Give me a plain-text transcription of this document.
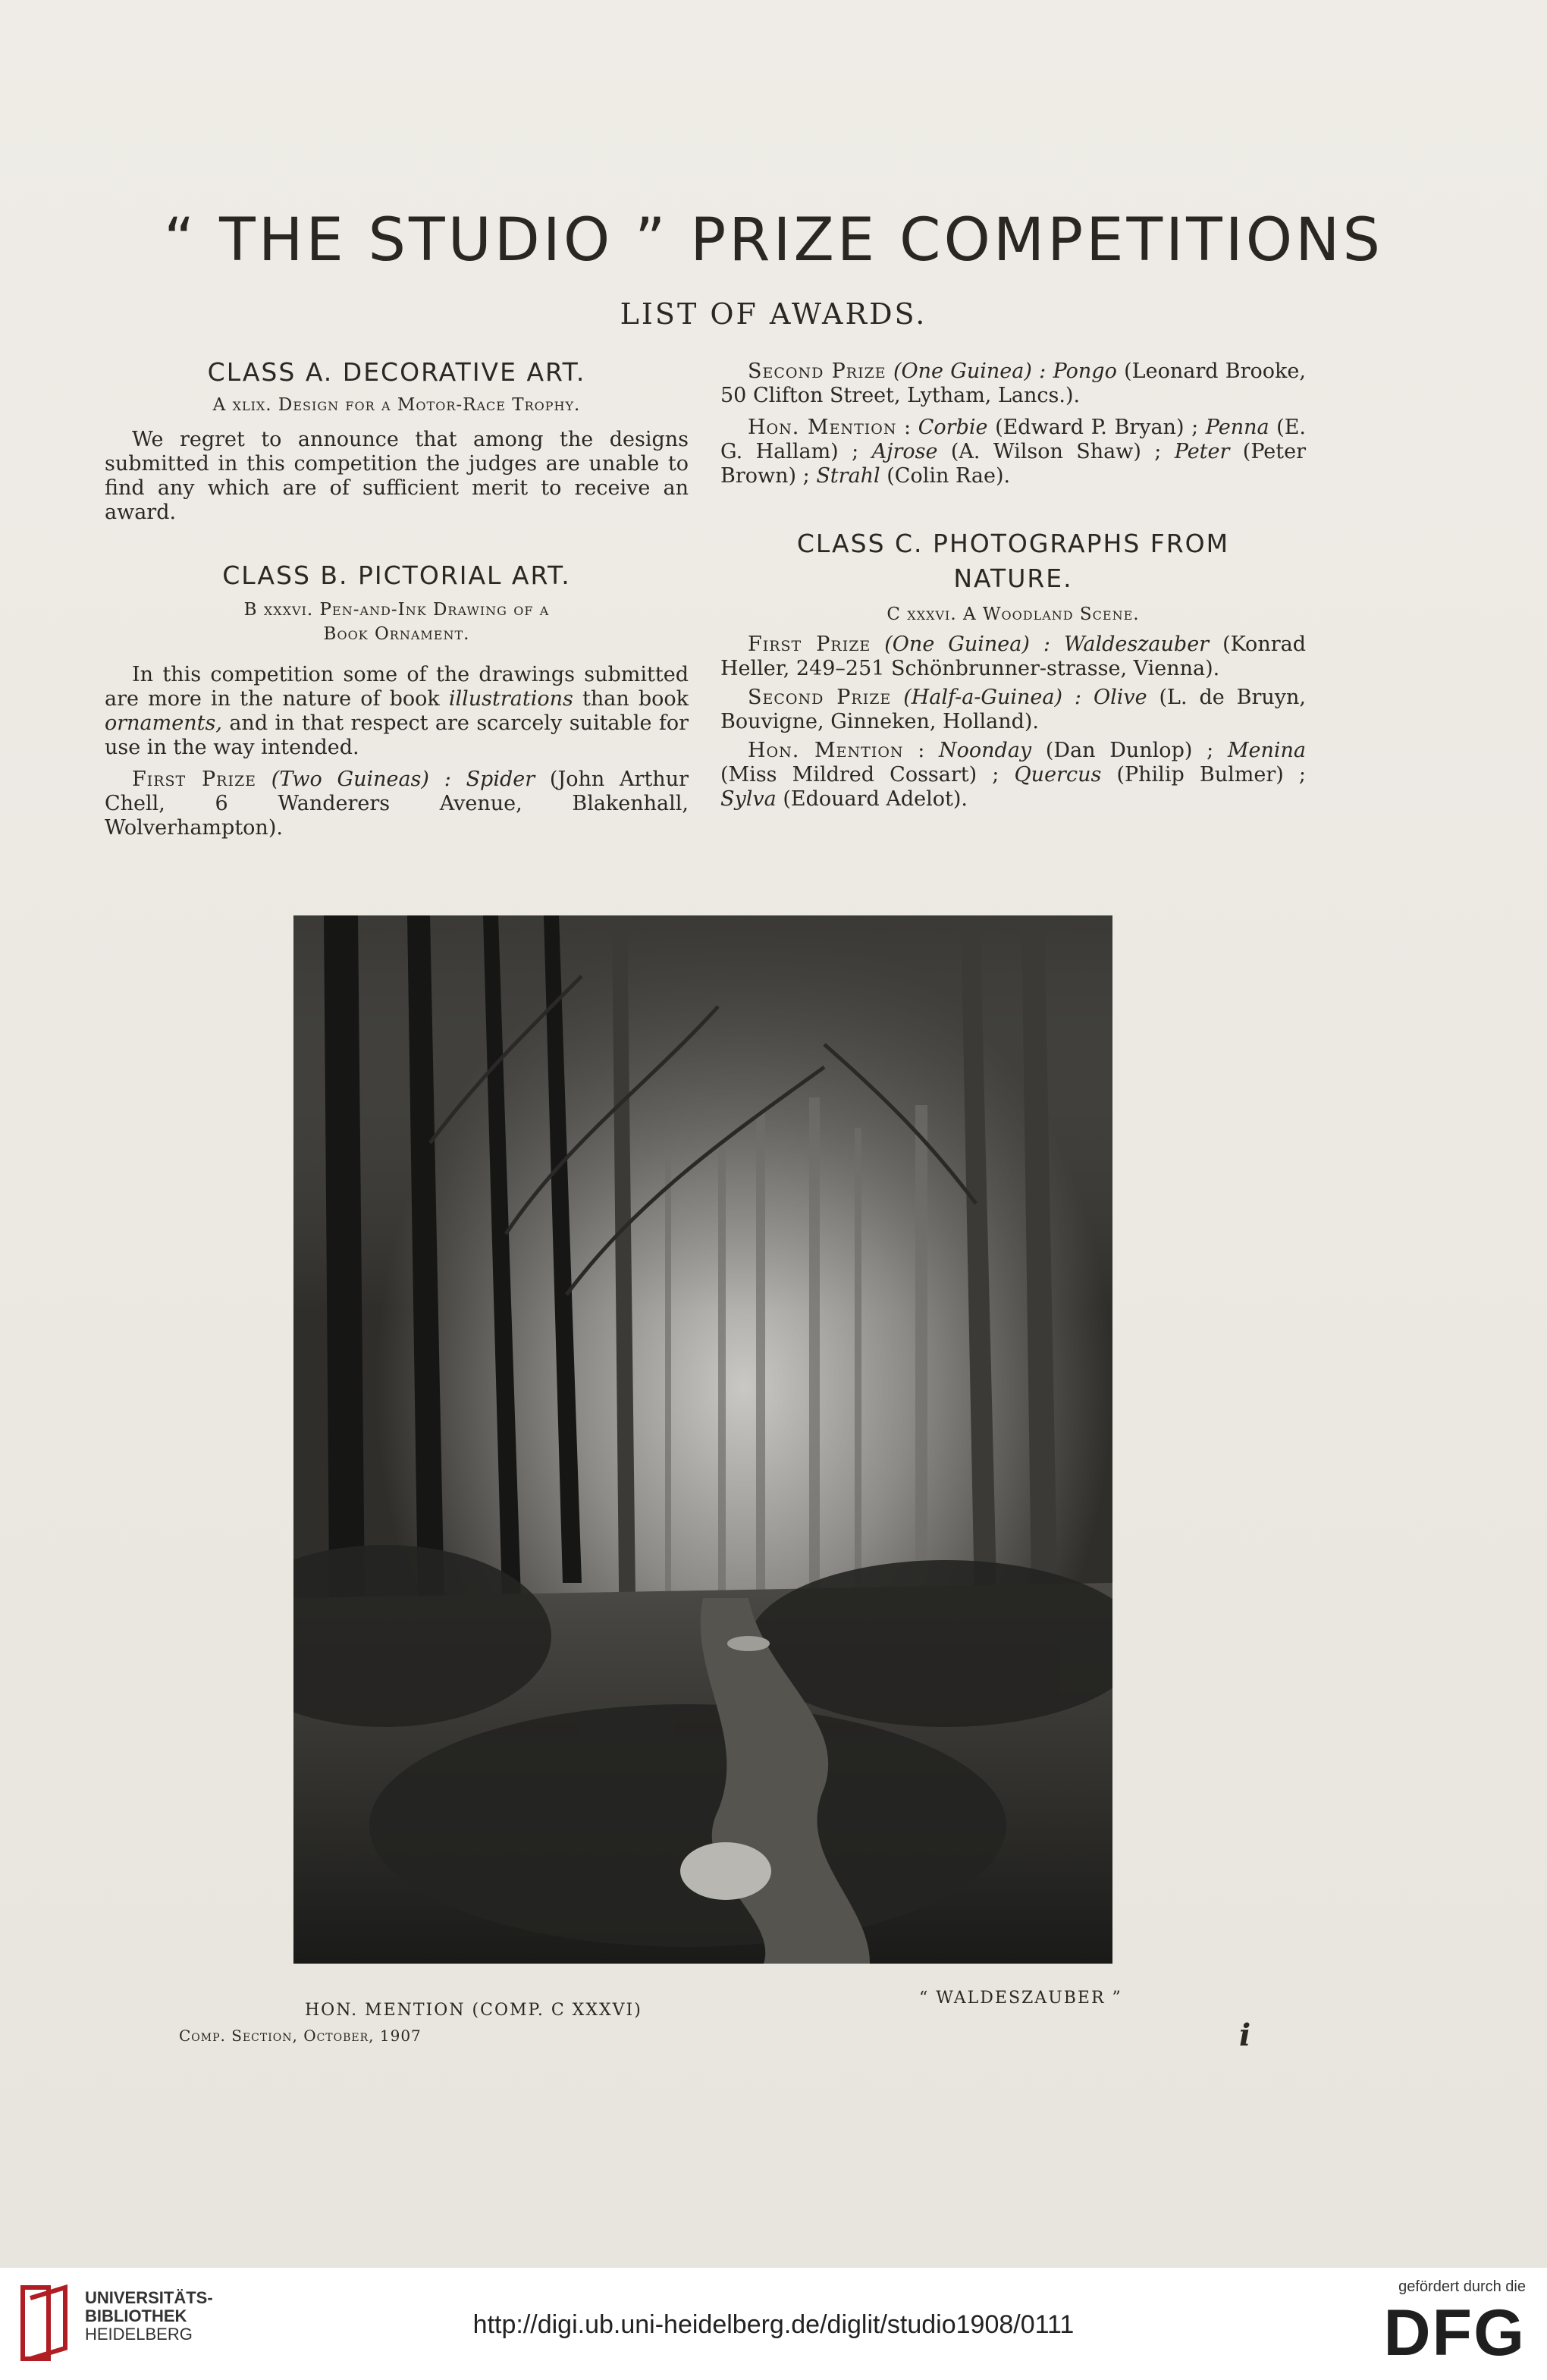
“ THE STUDIO ” PRIZE COMPETITIONS
LIST OF AWARDS.
CLASS A. DECORATIVE ART.
A xlix. Design for a Motor-Race Trophy.

We regret to announce that among the designs submitted in this competition the judges are unable to find any which are of sufficient merit to receive an award.

CLASS B. PICTORIAL ART.
B xxxvi. Pen-and-Ink Drawing of a
Book Ornament.

In this competition some of the drawings submitted are more in the nature of book illustrations than book ornaments, and in that respect are scarcely suitable for use in the way intended.

First Prize (Two Guineas) : Spider (John Arthur Chell, 6 Wanderers Avenue, Blakenhall, Wolverhampton).

Second Prize (One Guinea) : Pongo (Leonard Brooke, 50 Clifton Street, Lytham, Lancs.).

Hon. Mention : Corbie (Edward P. Bryan) ; Penna (E. G. Hallam) ; Ajrose (A. Wilson Shaw) ; Peter (Peter Brown) ; Strahl (Colin Rae).

CLASS C. PHOTOGRAPHS FROM
NATURE.
C xxxvi. A Woodland Scene.

First Prize (One Guinea) : Waldeszauber (Konrad Heller, 249–251 Schönbrunner-strasse, Vienna).

Second Prize (Half-a-Guinea) : Olive (L. de Bruyn, Bouvigne, Ginneken, Holland).

Hon. Mention : Noonday (Dan Dunlop) ; Menina (Miss Mildred Cossart) ; Quercus (Philip Bulmer) ; Sylva (Edouard Adelot).

HON. MENTION (COMP. C XXXVI)
“ WALDESZAUBER ”
Comp. Section, October, 1907	i
UNIVERSITÄTS-
BIBLIOTHEK
HEIDELBERG	http://digi.ub.uni-heidelberg.de/diglit/studio1908/0111
gefördert durch die
DFG
